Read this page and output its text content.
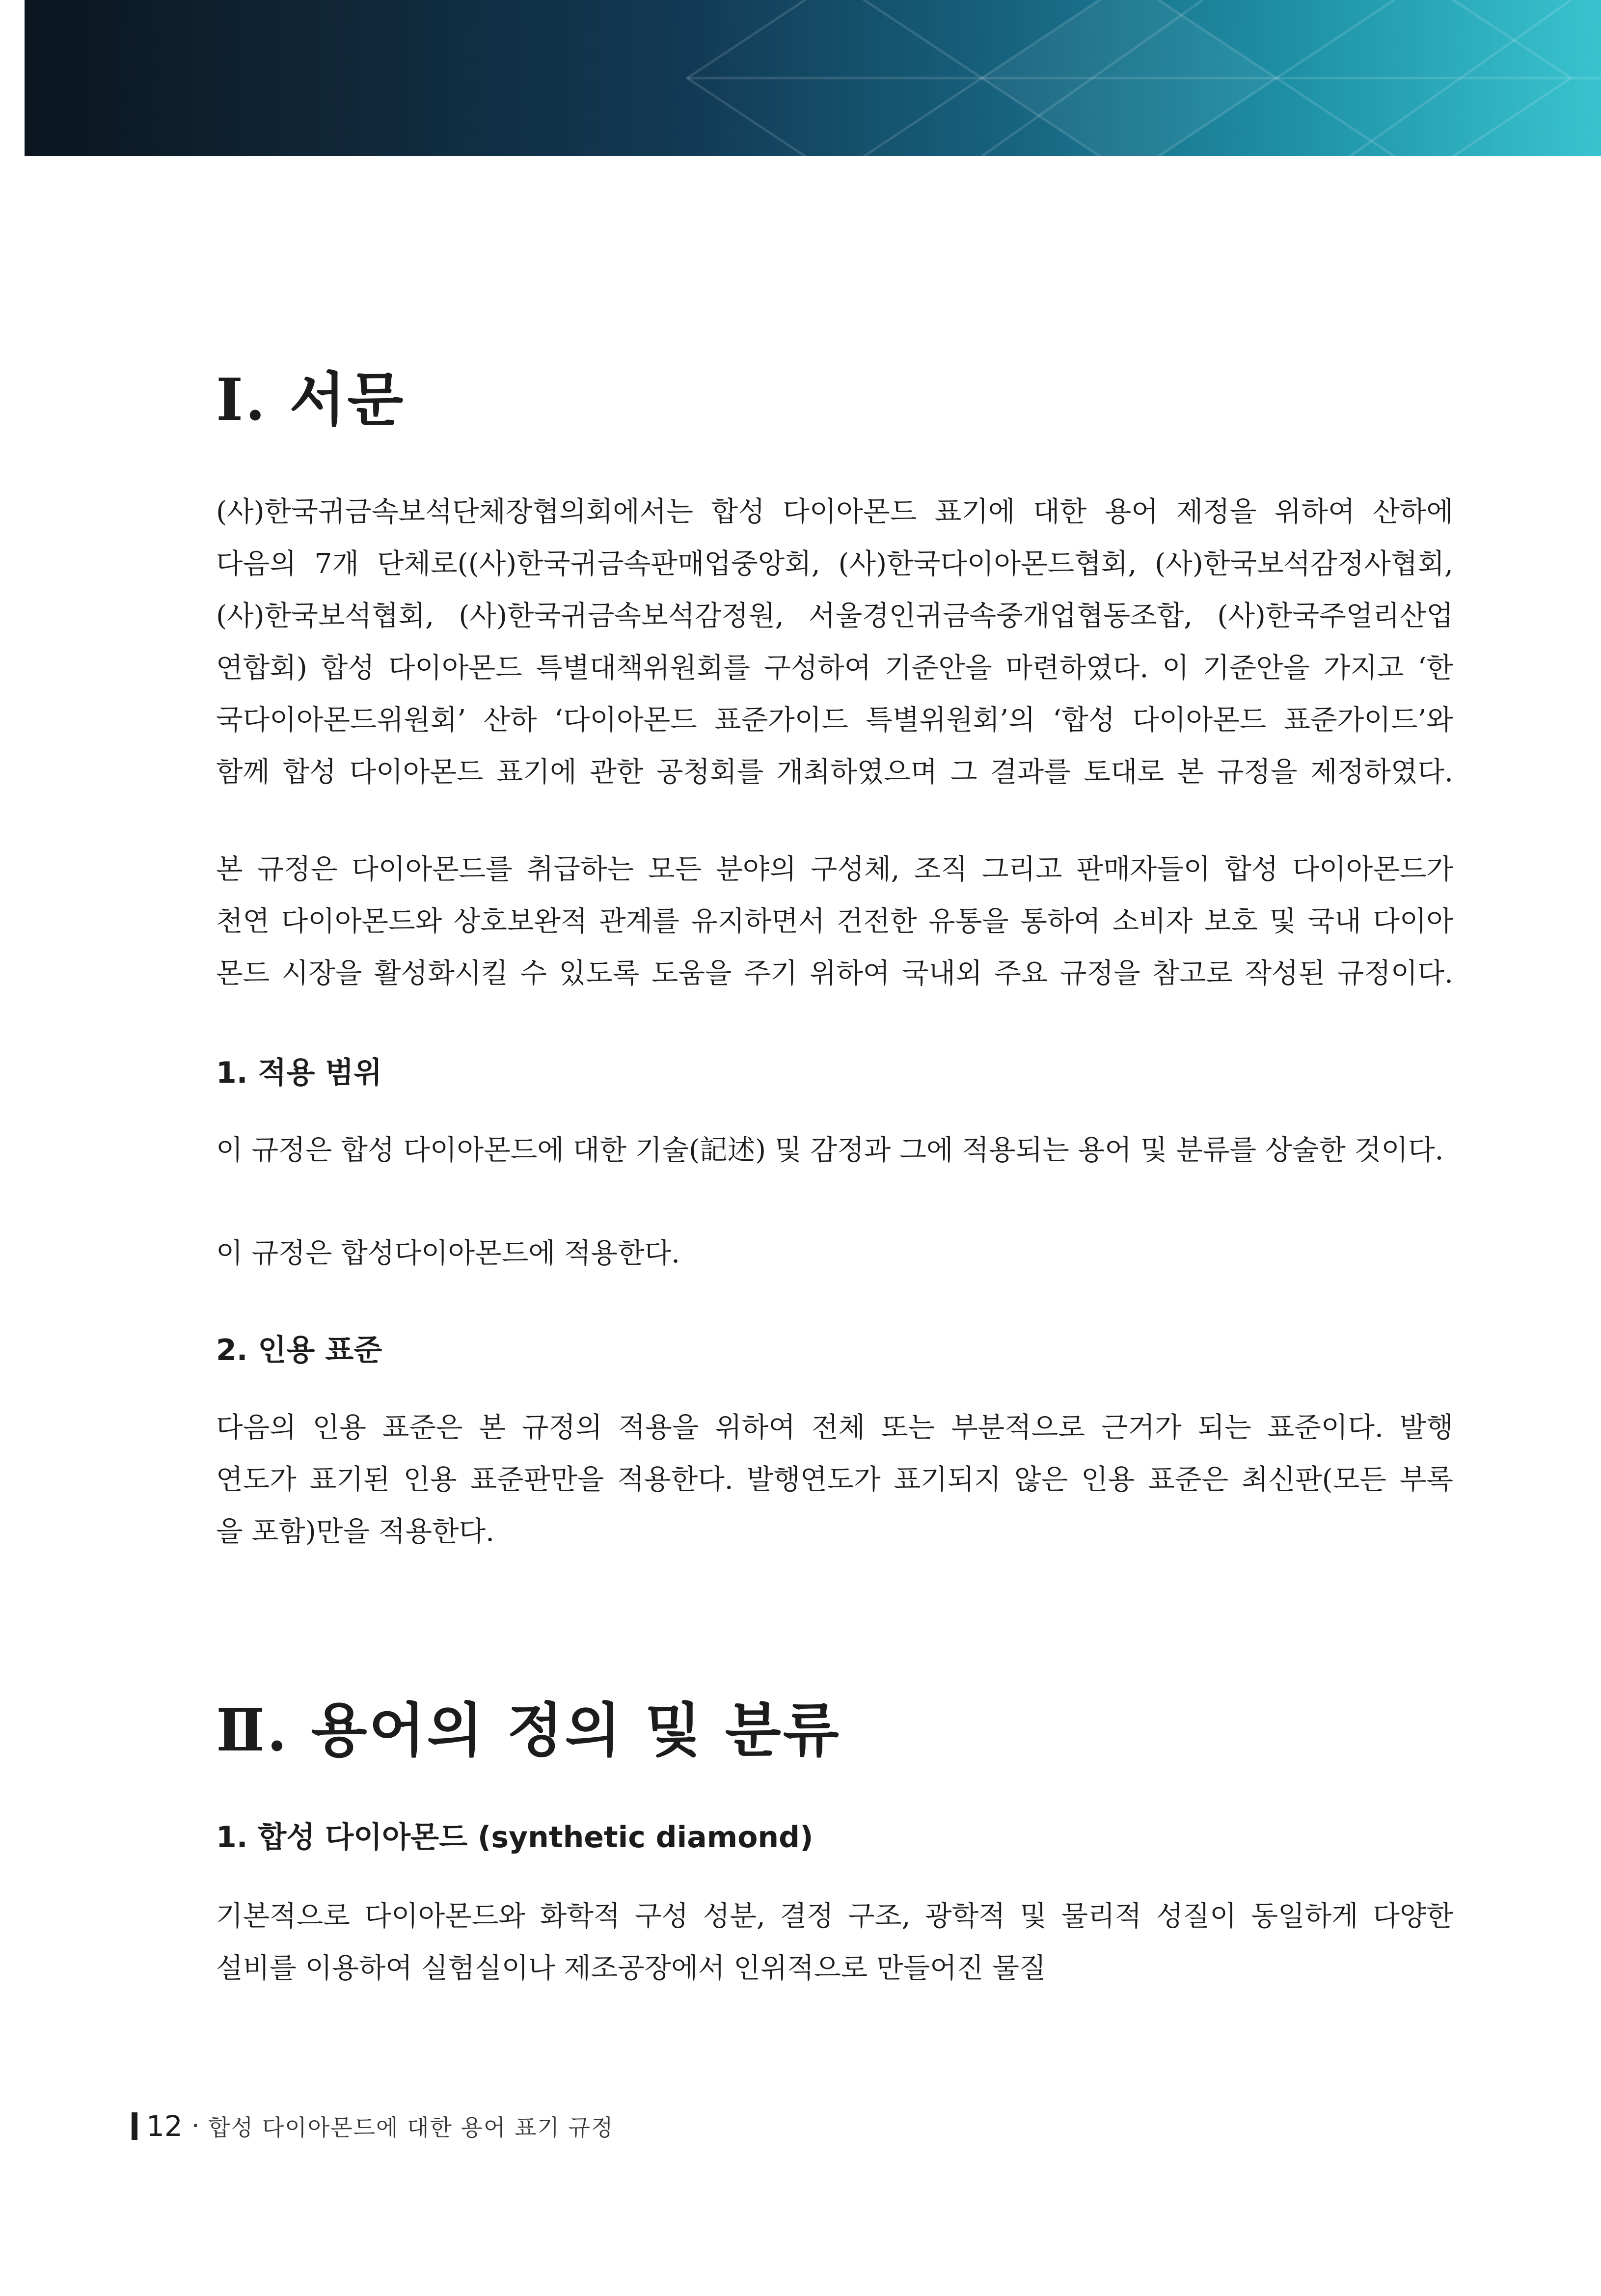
Ⅰ. 서문
(사)한국귀금속보석단체장협의회에서는 합성 다이아몬드 표기에 대한 용어 제정을 위하여 산하에
다음의 7개 단체로((사)한국귀금속판매업중앙회, (사)한국다이아몬드협회, (사)한국보석감정사협회,
(사)한국보석협회, (사)한국귀금속보석감정원, 서울경인귀금속중개업협동조합, (사)한국주얼리산업
연합회) 합성 다이아몬드 특별대책위원회를 구성하여 기준안을 마련하였다. 이 기준안을 가지고 ‘한
국다이아몬드위원회’ 산하 ‘다이아몬드 표준가이드 특별위원회’의 ‘합성 다이아몬드 표준가이드’와
함께 합성 다이아몬드 표기에 관한 공청회를 개최하였으며 그 결과를 토대로 본 규정을 제정하였다.
본 규정은 다이아몬드를 취급하는 모든 분야의 구성체, 조직 그리고 판매자들이 합성 다이아몬드가
천연 다이아몬드와 상호보완적 관계를 유지하면서 건전한 유통을 통하여 소비자 보호 및 국내 다이아
몬드 시장을 활성화시킬 수 있도록 도움을 주기 위하여 국내외 주요 규정을 참고로 작성된 규정이다.
1. 적용 범위
이 규정은 합성 다이아몬드에 대한 기술(記述) 및 감정과 그에 적용되는 용어 및 분류를 상술한 것이다.
이 규정은 합성다이아몬드에 적용한다.
2. 인용 표준
다음의 인용 표준은 본 규정의 적용을 위하여 전체 또는 부분적으로 근거가 되는 표준이다. 발행
연도가 표기된 인용 표준판만을 적용한다. 발행연도가 표기되지 않은 인용 표준은 최신판(모든 부록
을 포함)만을 적용한다.
Ⅱ. 용어의 정의 및 분류
1. 합성 다이아몬드 (synthetic diamond)
기본적으로 다이아몬드와 화학적 구성 성분, 결정 구조, 광학적 및 물리적 성질이 동일하게 다양한
설비를 이용하여 실험실이나 제조공장에서 인위적으로 만들어진 물질
12 · 합성 다이아몬드에 대한 용어 표기 규정
